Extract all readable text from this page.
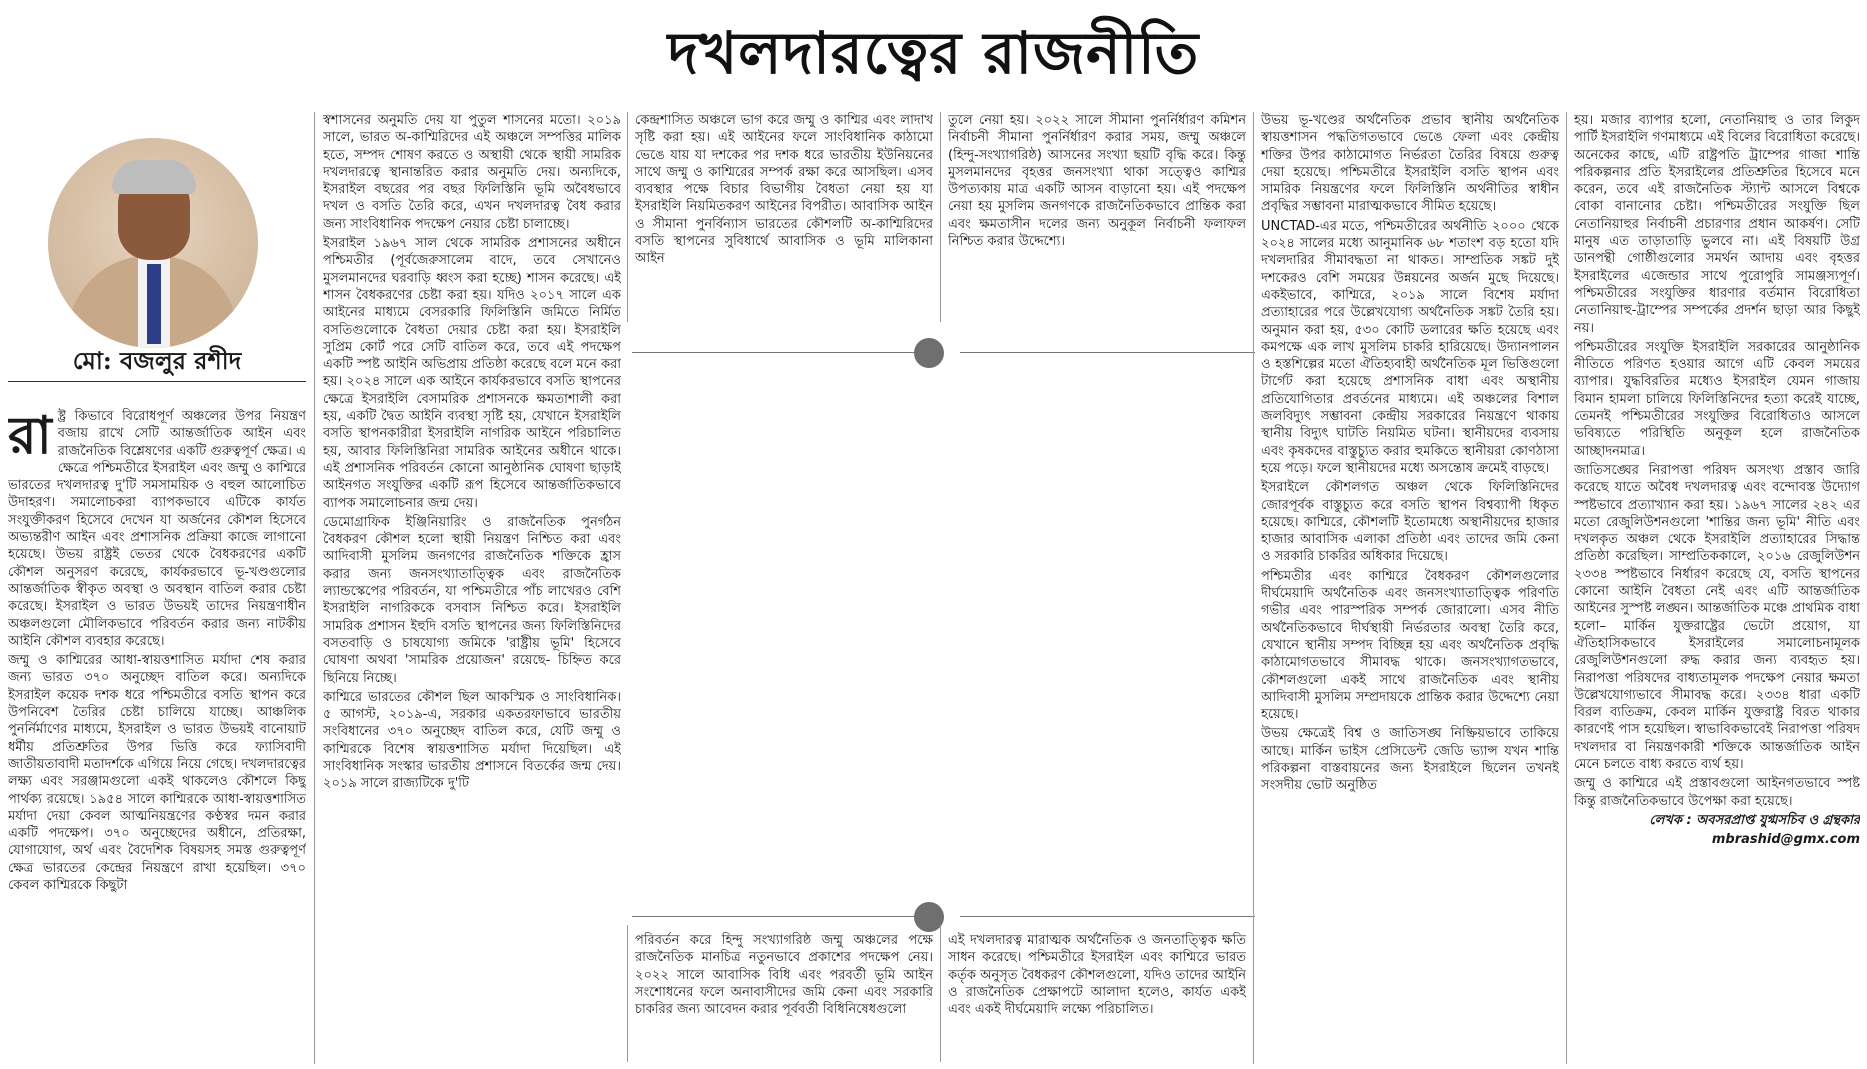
দখলদারত্বের রাজনীতি
মো: বজলুর রশীদ
রা ষ্ট্র কিভাবে বিরোধপূর্ণ অঞ্চলের উপর নিয়ন্ত্রণ বজায় রাখে সেটি আন্তর্জাতিক আইন এবং রাজনৈতিক বিশ্লেষণের একটি গুরুত্বপূর্ণ ক্ষেত্র। এ ক্ষেত্রে পশ্চিমতীরে ইসরাইল এবং জম্মু ও কাশ্মিরে ভারতের দখলদারত্ব দু'টি সমসাময়িক ও বহুল আলোচিত উদাহরণ। সমালোচকরা ব্যাপকভাবে এটিকে কার্যত সংযুক্তীকরণ হিসেবে দেখেন যা অর্জনের কৌশল হিসেবে অভ্যন্তরীণ আইন এবং প্রশাসনিক প্রক্রিয়া কাজে লাগানো হয়েছে। উভয় রাষ্ট্রই ভেতর থেকে বৈধকরণের একটি কৌশল অনুসরণ করেছে, কার্যকরভাবে ভূ-খণ্ডগুলোর আন্তর্জাতিক স্বীকৃত অবস্থা ও অবস্থান বাতিল করার চেষ্টা করেছে। ইসরাইল ও ভারত উভয়ই তাদের নিয়ন্ত্রণাধীন অঞ্চলগুলো মৌলিকভাবে পরিবর্তন করার জন্য নাটকীয় আইনি কৌশল ব্যবহার করেছে।

জম্মু ও কাশ্মিরের আধা-স্বায়ত্তশাসিত মর্যাদা শেষ করার জন্য ভারত ৩৭০ অনুচ্ছেদ বাতিল করে। অন্যদিকে ইসরাইল কয়েক দশক ধরে পশ্চিমতীরে বসতি স্থাপন করে উপনিবেশ তৈরির চেষ্টা চালিয়ে যাচ্ছে। আঞ্চলিক পুনর্নির্মাণের মাধ্যমে, ইসরাইল ও ভারত উভয়ই বানোয়াট ধর্মীয় প্রতিশ্রুতির উপর ভিত্তি করে ফ্যাসিবাদী জাতীয়তাবাদী মতাদর্শকে এগিয়ে নিয়ে গেছে। দখলদারত্বের লক্ষ্য এবং সরঞ্জামগুলো একই থাকলেও কৌশলে কিছু পার্থক্য রয়েছে। ১৯৫৪ সালে কাশ্মিরকে আধা-স্বায়ত্তশাসিত মর্যাদা দেয়া কেবল আত্মনিয়ন্ত্রণের কণ্ঠস্বর দমন করার একটি পদক্ষেপ। ৩৭০ অনুচ্ছেদের অধীনে, প্রতিরক্ষা, যোগাযোগ, অর্থ এবং বৈদেশিক বিষয়সহ সমস্ত গুরুত্বপূর্ণ ক্ষেত্র ভারতের কেন্দ্রের নিয়ন্ত্রণে রাখা হয়েছিল। ৩৭০ কেবল কাশ্মিরকে কিছুটা

স্বশাসনের অনুমতি দেয় যা পুতুল শাসনের মতো। ২০১৯ সালে, ভারত অ-কাশ্মিরিদের এই অঞ্চলে সম্পত্তির মালিক হতে, সম্পদ শোষণ করতে ও অস্থায়ী থেকে স্থায়ী সামরিক দখলদারত্বে স্থানান্তরিত করার অনুমতি দেয়। অন্যদিকে, ইসরাইল বছরের পর বছর ফিলিস্তিনি ভূমি অবৈধভাবে দখল ও বসতি তৈরি করে, এখন দখলদারত্ব বৈধ করার জন্য সাংবিধানিক পদক্ষেপ নেয়ার চেষ্টা চালাচ্ছে।

ইসরাইল ১৯৬৭ সাল থেকে সামরিক প্রশাসনের অধীনে পশ্চিমতীর (পূর্বজেরুসালেম বাদে, তবে সেখানেও মুসলমানদের ঘরবাড়ি ধ্বংস করা হচ্ছে) শাসন করেছে। এই শাসন বৈধকরণের চেষ্টা করা হয়। যদিও ২০১৭ সালে এক আইনের মাধ্যমে বেসরকারি ফিলিস্তিনি জমিতে নির্মিত বসতিগুলোকে বৈধতা দেয়ার চেষ্টা করা হয়। ইসরাইলি সুপ্রিম কোর্ট পরে সেটি বাতিল করে, তবে এই পদক্ষেপ একটি স্পষ্ট আইনি অভিপ্রায় প্রতিষ্ঠা করেছে বলে মনে করা হয়। ২০২৪ সালে এক আইনে কার্যকরভাবে বসতি স্থাপনের ক্ষেত্রে ইসরাইলি বেসামরিক প্রশাসনকে ক্ষমতাশালী করা হয়, একটি দ্বৈত আইনি ব্যবস্থা সৃষ্টি হয়, যেখানে ইসরাইলি বসতি স্থাপনকারীরা ইসরাইলি নাগরিক আইনে পরিচালিত হয়, আবার ফিলিস্তিনিরা সামরিক আইনের অধীনে থাকে। এই প্রশাসনিক পরিবর্তন কোনো আনুষ্ঠানিক ঘোষণা ছাড়াই আইনগত সংযুক্তির একটি রূপ হিসেবে আন্তর্জাতিকভাবে ব্যাপক সমালোচনার জন্ম দেয়।

ডেমোগ্রাফিক ইঞ্জিনিয়ারিং ও রাজনৈতিক পুনর্গঠন বৈধকরণ কৌশল হলো স্থায়ী নিয়ন্ত্রণ নিশ্চিত করা এবং আদিবাসী মুসলিম জনগণের রাজনৈতিক শক্তিকে হ্রাস করার জন্য জনসংখ্যাতাত্ত্বিক এবং রাজনৈতিক ল্যান্ডস্কেপের পরিবর্তন, যা পশ্চিমতীরে পাঁচ লাখেরও বেশি ইসরাইলি নাগরিককে বসবাস নিশ্চিত করে। ইসরাইলি সামরিক প্রশাসন ইহুদি বসতি স্থাপনের জন্য ফিলিস্তিনিদের বসতবাড়ি ও চাষযোগ্য জমিকে 'রাষ্ট্রীয় ভূমি' হিসেবে ঘোষণা অথবা 'সামরিক প্রয়োজন' রয়েছে- চিহ্নিত করে ছিনিয়ে নিচ্ছে।

কাশ্মিরে ভারতের কৌশল ছিল আকস্মিক ও সাংবিধানিক। ৫ আগস্ট, ২০১৯-এ, সরকার একতরফাভাবে ভারতীয় সংবিধানের ৩৭০ অনুচ্ছেদ বাতিল করে, যেটি জম্মু ও কাশ্মিরকে বিশেষ স্বায়ত্তশাসিত মর্যাদা দিয়েছিল। এই সাংবিধানিক সংস্কার ভারতীয় প্রশাসনে বিতর্কের জন্ম দেয়। ২০১৯ সালে রাজ্যটিকে দু'টি

কেন্দ্রশাসিত অঞ্চলে ভাগ করে জম্মু ও কাশ্মির এবং লাদাখ সৃষ্টি করা হয়। এই আইনের ফলে সাংবিধানিক কাঠামো ভেঙে যায় যা দশকের পর দশক ধরে ভারতীয় ইউনিয়নের সাথে জম্মু ও কাশ্মিরের সম্পর্ক রক্ষা করে আসছিল। এসব ব্যবস্থার পক্ষে বিচার বিভাগীয় বৈধতা নেয়া হয় যা ইসরাইলি নিয়মিতকরণ আইনের বিপরীত। আবাসিক আইন ও সীমানা পুনর্বিন্যাস ভারতের কৌশলটি অ-কাশ্মিরিদের বসতি স্থাপনের সুবিধার্থে আবাসিক ও ভূমি মালিকানা আইন

তুলে নেয়া হয়। ২০২২ সালে সীমানা পুনর্নির্ধারণ কমিশন নির্বাচনী সীমানা পুনর্নির্ধারণ করার সময়, জম্মু অঞ্চলে (হিন্দু-সংখ্যাগরিষ্ঠ) আসনের সংখ্যা ছয়টি বৃদ্ধি করে। কিন্তু মুসলমানদের বৃহত্তর জনসংখ্যা থাকা সত্ত্বেও কাশ্মির উপত্যকায় মাত্র একটি আসন বাড়ানো হয়। এই পদক্ষেপ নেয়া হয় মুসলিম জনগণকে রাজনৈতিকভাবে প্রান্তিক করা এবং ক্ষমতাসীন দলের জন্য অনুকূল নির্বাচনী ফলাফল নিশ্চিত করার উদ্দেশ্যে।

পরিবর্তন করে হিন্দু সংখ্যাগরিষ্ঠ জম্মু অঞ্চলের পক্ষে রাজনৈতিক মানচিত্র নতুনভাবে প্রকাশের পদক্ষেপ নেয়। ২০২২ সালে আবাসিক বিধি এবং পরবর্তী ভূমি আইন সংশোধনের ফলে অনাবাসীদের জমি কেনা এবং সরকারি চাকরির জন্য আবেদন করার পূর্ববর্তী বিধিনিষেধগুলো

এই দখলদারত্ব মারাত্মক অর্থনৈতিক ও জনতাত্ত্বিক ক্ষতি সাধন করেছে। পশ্চিমতীরে ইসরাইল এবং কাশ্মিরে ভারত কর্তৃক অনুসৃত বৈধকরণ কৌশলগুলো, যদিও তাদের আইনি ও রাজনৈতিক প্রেক্ষাপটে আলাদা হলেও, কার্যত একই এবং একই দীর্ঘমেয়াদি লক্ষ্যে পরিচালিত।

উভয় ভূ-খণ্ডের অর্থনৈতিক প্রভাব স্থানীয় অর্থনৈতিক স্বায়ত্তশাসন পদ্ধতিগতভাবে ভেঙে ফেলা এবং কেন্দ্রীয় শক্তির উপর কাঠামোগত নির্ভরতা তৈরির বিষয়ে গুরুত্ব দেয়া হয়েছে। পশ্চিমতীরে ইসরাইলি বসতি স্থাপন এবং সামরিক নিয়ন্ত্রণের ফলে ফিলিস্তিনি অর্থনীতির স্বাধীন প্রবৃদ্ধির সম্ভাবনা মারাত্মকভাবে সীমিত হয়েছে।

UNCTAD-এর মতে, পশ্চিমতীরের অর্থনীতি ২০০০ থেকে ২০২৪ সালের মধ্যে আনুমানিক ৬৮ শতাংশ বড় হতো যদি দখলদারির সীমাবদ্ধতা না থাকত। সাম্প্রতিক সঙ্কট দুই দশকেরও বেশি সময়ের উন্নয়নের অর্জন মুছে দিয়েছে। একইভাবে, কাশ্মিরে, ২০১৯ সালে বিশেষ মর্যাদা প্রত্যাহারের পরে উল্লেখযোগ্য অর্থনৈতিক সঙ্কট তৈরি হয়। অনুমান করা হয়, ৫৩০ কোটি ডলারের ক্ষতি হয়েছে এবং কমপক্ষে এক লাখ মুসলিম চাকরি হারিয়েছে। উদ্যানপালন ও হস্তশিল্পের মতো ঐতিহ্যবাহী অর্থনৈতিক মূল ভিত্তিগুলো টার্গেট করা হয়েছে প্রশাসনিক বাধা এবং অস্থানীয় প্রতিযোগিতার প্রবর্তনের মাধ্যমে। এই অঞ্চলের বিশাল জলবিদ্যুৎ সম্ভাবনা কেন্দ্রীয় সরকারের নিয়ন্ত্রণে থাকায় স্থানীয় বিদ্যুৎ ঘাটতি নিয়মিত ঘটনা। স্থানীয়দের ব্যবসায় এবং কৃষকদের বাস্তুচ্যুত করার হুমকিতে স্থানীয়রা কোণঠাসা হয়ে পড়ে। ফলে স্থানীয়দের মধ্যে অসন্তোষ ক্রমেই বাড়ছে।

ইসরাইলে কৌশলগত অঞ্চল থেকে ফিলিস্তিনিদের জোরপূর্বক বাস্তুচ্যুত করে বসতি স্থাপন বিশ্বব্যাপী ধিকৃত হয়েছে। কাশ্মিরে, কৌশলটি ইতোমধ্যে অস্থানীয়দের হাজার হাজার আবাসিক এলাকা প্রতিষ্ঠা এবং তাদের জমি কেনা ও সরকারি চাকরির অধিকার দিয়েছে।

পশ্চিমতীর এবং কাশ্মিরে বৈধকরণ কৌশলগুলোর দীর্ঘমেয়াদি অর্থনৈতিক এবং জনসংখ্যাতাত্ত্বিক পরিণতি গভীর এবং পারস্পরিক সম্পর্ক জোরালো। এসব নীতি অর্থনৈতিকভাবে দীর্ঘস্থায়ী নির্ভরতার অবস্থা তৈরি করে, যেখানে স্থানীয় সম্পদ বিচ্ছিন্ন হয় এবং অর্থনৈতিক প্রবৃদ্ধি কাঠামোগতভাবে সীমাবদ্ধ থাকে। জনসংখ্যাগতভাবে, কৌশলগুলো একই সাথে রাজনৈতিক এবং স্থানীয় আদিবাসী মুসলিম সম্প্রদায়কে প্রান্তিক করার উদ্দেশ্যে নেয়া হয়েছে।

উভয় ক্ষেত্রেই বিশ্ব ও জাতিসঙ্ঘ নিষ্ক্রিয়ভাবে তাকিয়ে আছে। মার্কিন ভাইস প্রেসিডেন্ট জেডি ভ্যান্স যখন শান্তি পরিকল্পনা বাস্তবায়নের জন্য ইসরাইলে ছিলেন তখনই সংসদীয় ভোট অনুষ্ঠিত

হয়। মজার ব্যাপার হলো, নেতানিয়াহু ও তার লিকুদ পার্টি ইসরাইলি গণমাধ্যমে এই বিলের বিরোধিতা করেছে। অনেকের কাছে, এটি রাষ্ট্রপতি ট্রাম্পের গাজা শান্তি পরিকল্পনার প্রতি ইসরাইলের প্রতিশ্রুতির হিসেবে মনে করেন, তবে এই রাজনৈতিক স্ট্যান্ট আসলে বিশ্বকে বোকা বানানোর চেষ্টা। পশ্চিমতীরের সংযুক্তি ছিল নেতানিয়াহুর নির্বাচনী প্রচারণার প্রধান আকর্ষণ। সেটি মানুষ এত তাড়াতাড়ি ভুলবে না। এই বিষয়টি উগ্র ডানপন্থী গোষ্ঠীগুলোর সমর্থন আদায় এবং বৃহত্তর ইসরাইলের এজেন্ডার সাথে পুরোপুরি সামঞ্জস্যপূর্ণ। পশ্চিমতীরের সংযুক্তির ধারণার বর্তমান বিরোধিতা নেতানিয়াহু-ট্রাম্পের সম্পর্কের প্রদর্শন ছাড়া আর কিছুই নয়।

পশ্চিমতীরের সংযুক্তি ইসরাইলি সরকারের আনুষ্ঠানিক নীতিতে পরিণত হওয়ার আগে এটি কেবল সময়ের ব্যাপার। যুদ্ধবিরতির মধ্যেও ইসরাইল যেমন গাজায় বিমান হামলা চালিয়ে ফিলিস্তিনিদের হত্যা করেই যাচ্ছে, তেমনই পশ্চিমতীরের সংযুক্তির বিরোধিতাও আসলে ভবিষ্যতে পরিস্থিতি অনুকূল হলে রাজনৈতিক আচ্ছাদনমাত্র।

জাতিসঙ্ঘের নিরাপত্তা পরিষদ অসংখ্য প্রস্তাব জারি করেছে যাতে অবৈধ দখলদারত্ব এবং বন্দোবস্ত উদ্যোগ স্পষ্টভাবে প্রত্যাখ্যান করা হয়। ১৯৬৭ সালের ২৪২ এর মতো রেজুলিউশনগুলো 'শান্তির জন্য ভূমি' নীতি এবং দখলকৃত অঞ্চল থেকে ইসরাইলি প্রত্যাহারের সিদ্ধান্ত প্রতিষ্ঠা করেছিল। সাম্প্রতিককালে, ২০১৬ রেজুলিউশন ২৩৩৪ স্পষ্টভাবে নির্ধারণ করেছে যে, বসতি স্থাপনের কোনো আইনি বৈধতা নেই এবং এটি আন্তর্জাতিক আইনের সুস্পষ্ট লঙ্ঘন। আন্তর্জাতিক মঞ্চে প্রাথমিক বাধা হলো– মার্কিন যুক্তরাষ্ট্রের ভেটো প্রয়োগ, যা ঐতিহাসিকভাবে ইসরাইলের সমালোচনামূলক রেজুলিউশনগুলো রুদ্ধ করার জন্য ব্যবহৃত হয়। নিরাপত্তা পরিষদের বাধ্যতামূলক পদক্ষেপ নেয়ার ক্ষমতা উল্লেখযোগ্যভাবে সীমাবদ্ধ করে। ২৩৩৪ ধারা একটি বিরল ব্যতিক্রম, কেবল মার্কিন যুক্তরাষ্ট্র বিরত থাকার কারণেই পাস হয়েছিল। স্বাভাবিকভাবেই নিরাপত্তা পরিষদ দখলদার বা নিয়ন্ত্রণকারী শক্তিকে আন্তর্জাতিক আইন মেনে চলতে বাধ্য করতে ব্যর্থ হয়।

জম্মু ও কাশ্মিরে এই প্রস্তাবগুলো আইনগতভাবে স্পষ্ট কিন্তু রাজনৈতিকভাবে উপেক্ষা করা হয়েছে।

লেখক : অবসরপ্রাপ্ত যুগ্মসচিব ও গ্রন্থকার

mbrashid@gmx.com
